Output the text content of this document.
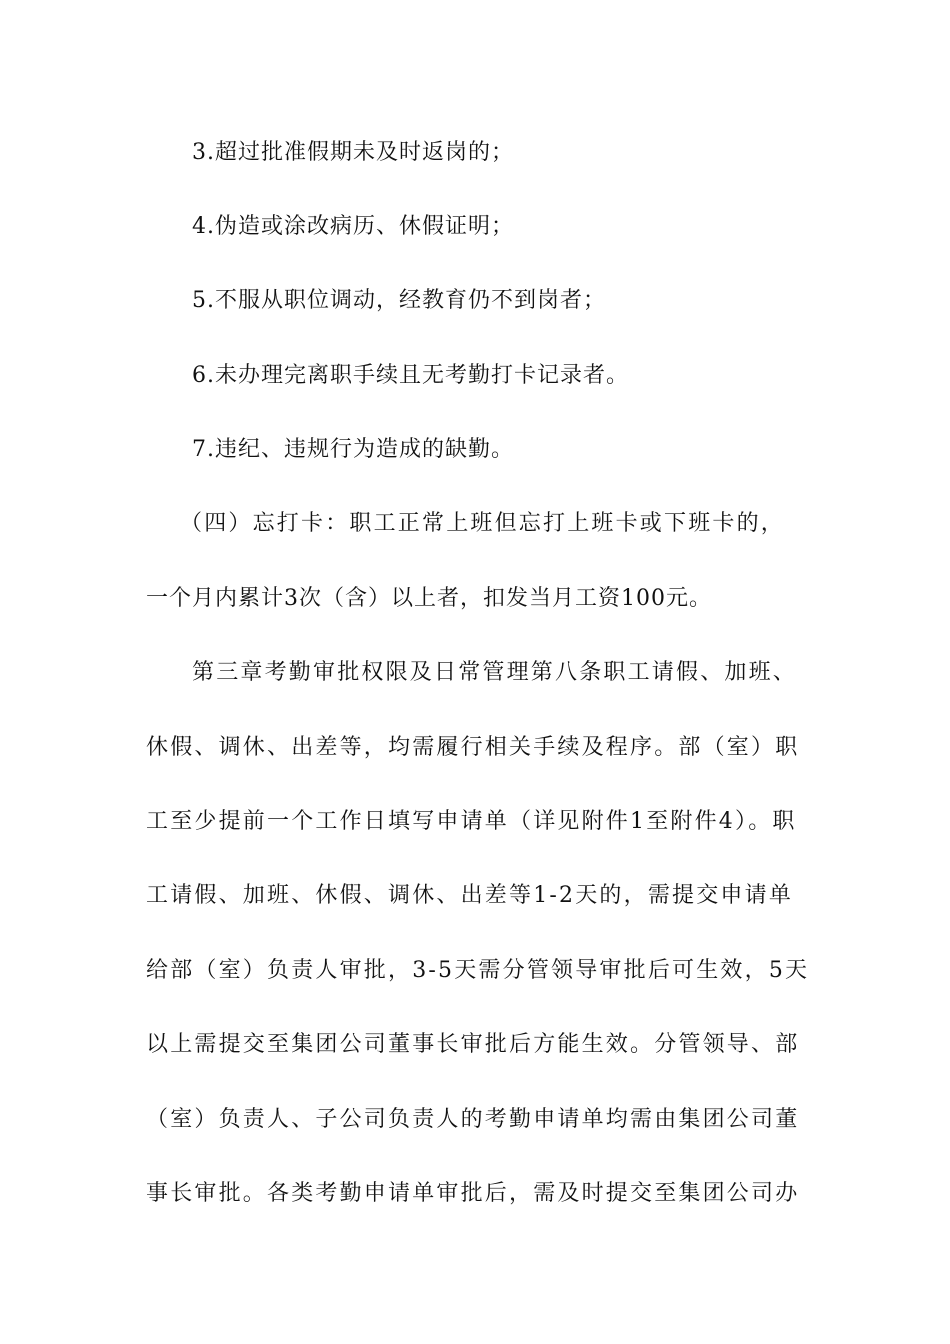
3.超过批准假期未及时返岗的；
4.伪造或涂改病历、休假证明；
5.不服从职位调动，经教育仍不到岗者；
6.未办理完离职手续且无考勤打卡记录者。
7.违纪、违规行为造成的缺勤。
（四）忘打卡：职工正常上班但忘打上班卡或下班卡的，
一个月内累计3次（含）以上者，扣发当月工资100元。
第三章考勤审批权限及日常管理第八条职工请假、加班、
休假、调休、出差等，均需履行相关手续及程序。部（室）职
工至少提前一个工作日填写申请单（详见附件1至附件4）。职
工请假、加班、休假、调休、出差等1-2天的，需提交申请单
给部（室）负责人审批，3-5天需分管领导审批后可生效，5天
以上需提交至集团公司董事长审批后方能生效。分管领导、部
（室）负责人、子公司负责人的考勤申请单均需由集团公司董
事长审批。各类考勤申请单审批后，需及时提交至集团公司办
